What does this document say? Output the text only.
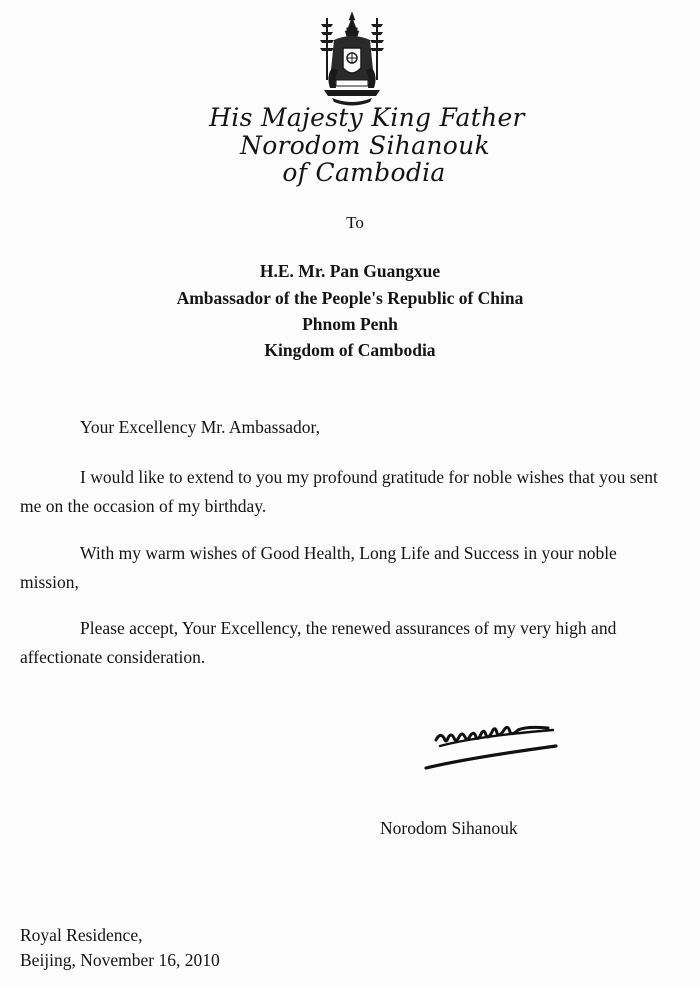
His Majesty King Father
Norodom Sihanouk
of Cambodia
To
H.E. Mr. Pan Guangxue
Ambassador of the People's Republic of China
Phnom Penh
Kingdom of Cambodia

Your Excellency Mr. Ambassador,

I would like to extend to you my profound gratitude for noble wishes that you sent me on the occasion of my birthday.

With my warm wishes of Good Health, Long Life and Success in your noble mission,

Please accept, Your Excellency, the renewed assurances of my very high and affectionate consideration.

Norodom Sihanouk
Royal Residence,
Beijing, November 16, 2010
